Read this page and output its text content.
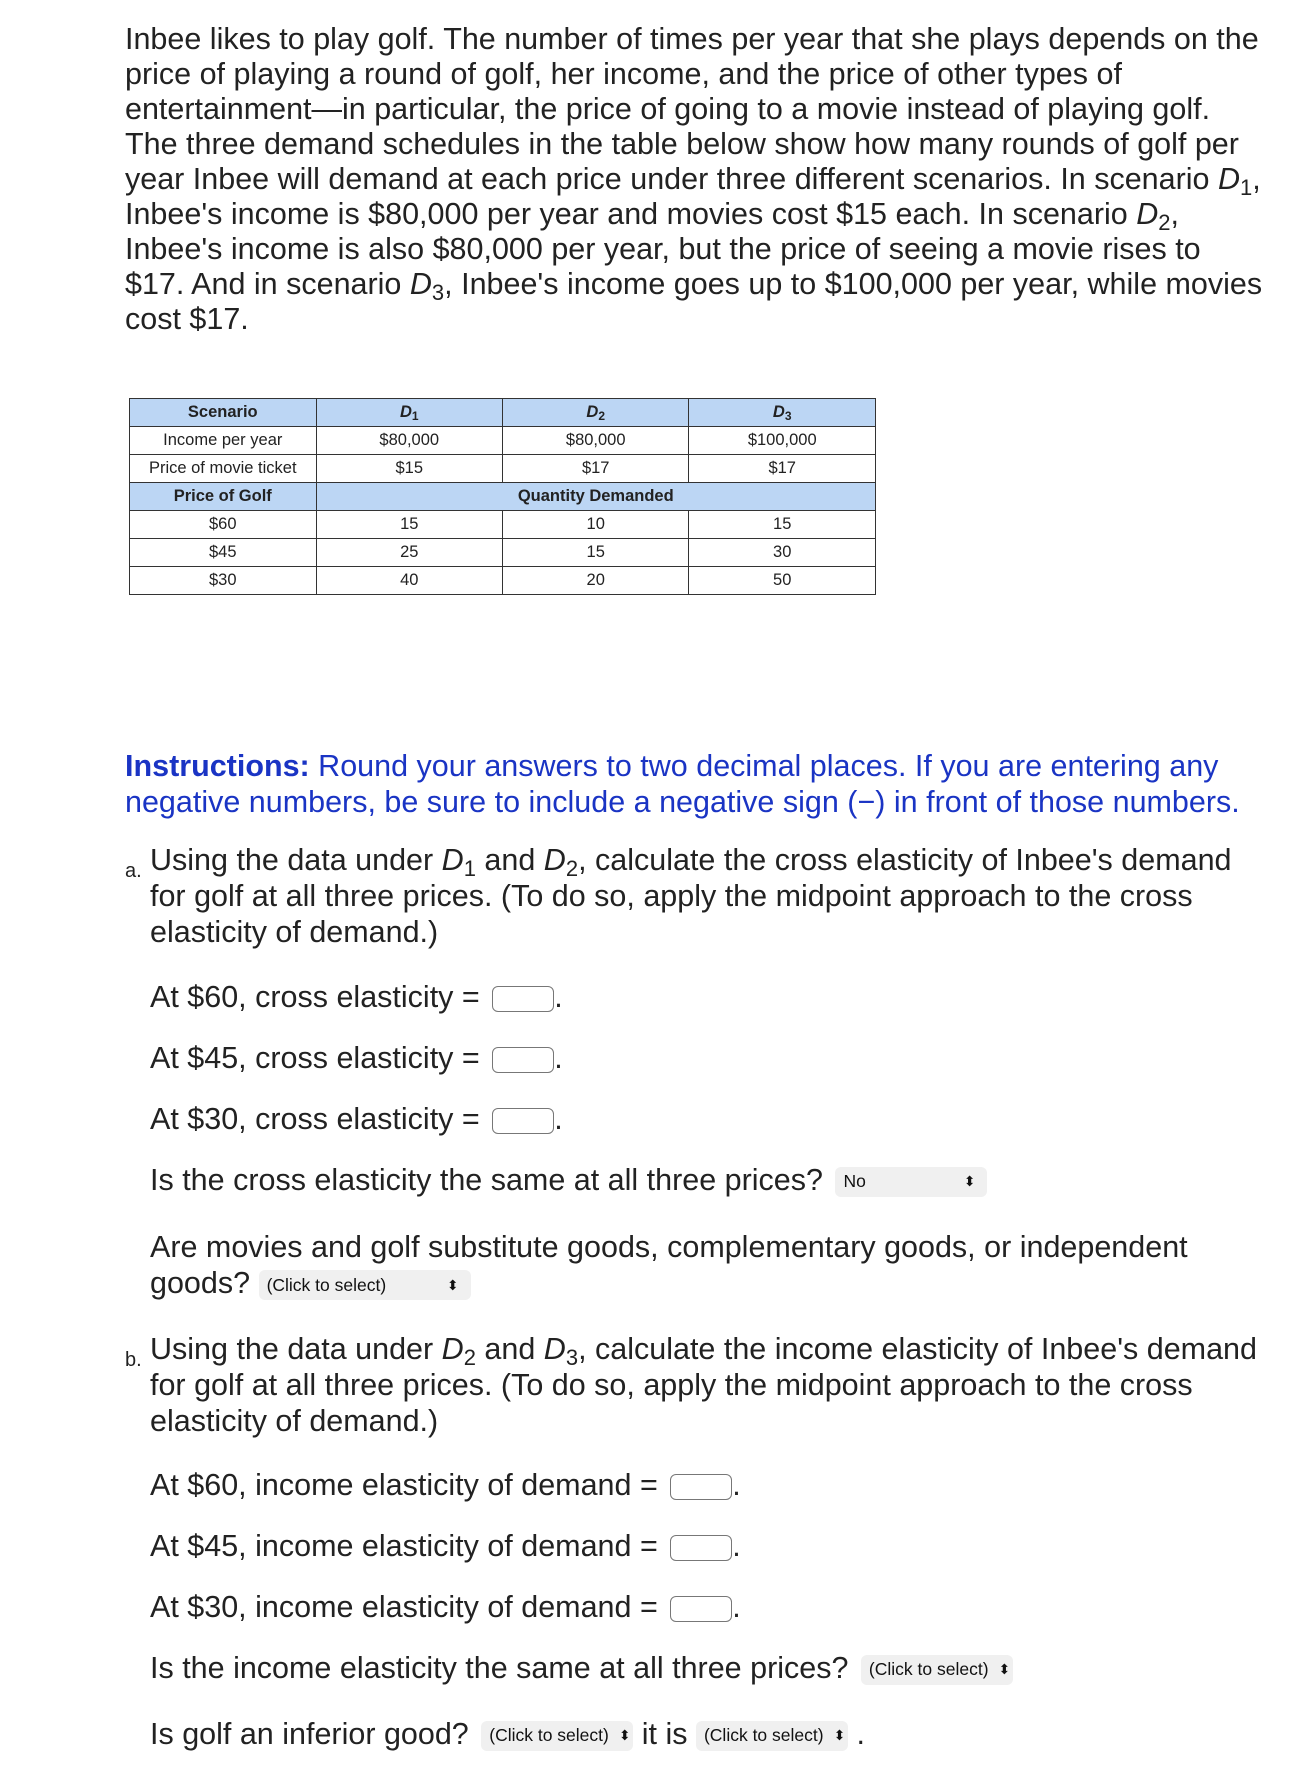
Inbee likes to play golf. The number of times per year that she plays depends on the price of playing a round of golf, her income, and the price of other types of entertainment—in particular, the price of going to a movie instead of playing golf. The three demand schedules in the table below show how many rounds of golf per year Inbee will demand at each price under three different scenarios. In scenario $D_1$, Inbee's income is $80,000 per year and movies cost $15 each. In scenario $D_2$, Inbee's income is also $80,000 per year, but the price of seeing a movie rises to $17. And in scenario $D_3$, Inbee's income goes up to $100,000 per year, while movies cost $17.

Scenario	$D_1$	$D_2$	$D_3$
Income per year	$80,000	$80,000	$100,000
Price of movie ticket	$15	$17	$17
Price of Golf	Quantity Demanded		
$60	15	10	15
$45	25	15	30
$30	40	20	50

Instructions: Round your answers to two decimal places. If you are entering any negative numbers, be sure to include a negative sign (−) in front of those numbers.

a. Using the data under $D_1$ and $D_2$, calculate the cross elasticity of Inbee's demand for golf at all three prices. (To do so, apply the midpoint approach to the cross elasticity of demand.)
At $60, cross elasticity = .
At $45, cross elasticity = .
At $30, cross elasticity = .
Is the cross elasticity the same at all three prices? No	⬍
Are movies and golf substitute goods, complementary goods, or independent goods? (Click to select)	⬍
b. Using the data under $D_2$ and $D_3$, calculate the income elasticity of Inbee's demand for golf at all three prices. (To do so, apply the midpoint approach to the cross elasticity of demand.)
At $60, income elasticity of demand = .
At $45, income elasticity of demand = .
At $30, income elasticity of demand = .
Is the income elasticity the same at all three prices? (Click to select) ⬍
Is golf an inferior good? (Click to select) ⬍ it is (Click to select) ⬍ .
